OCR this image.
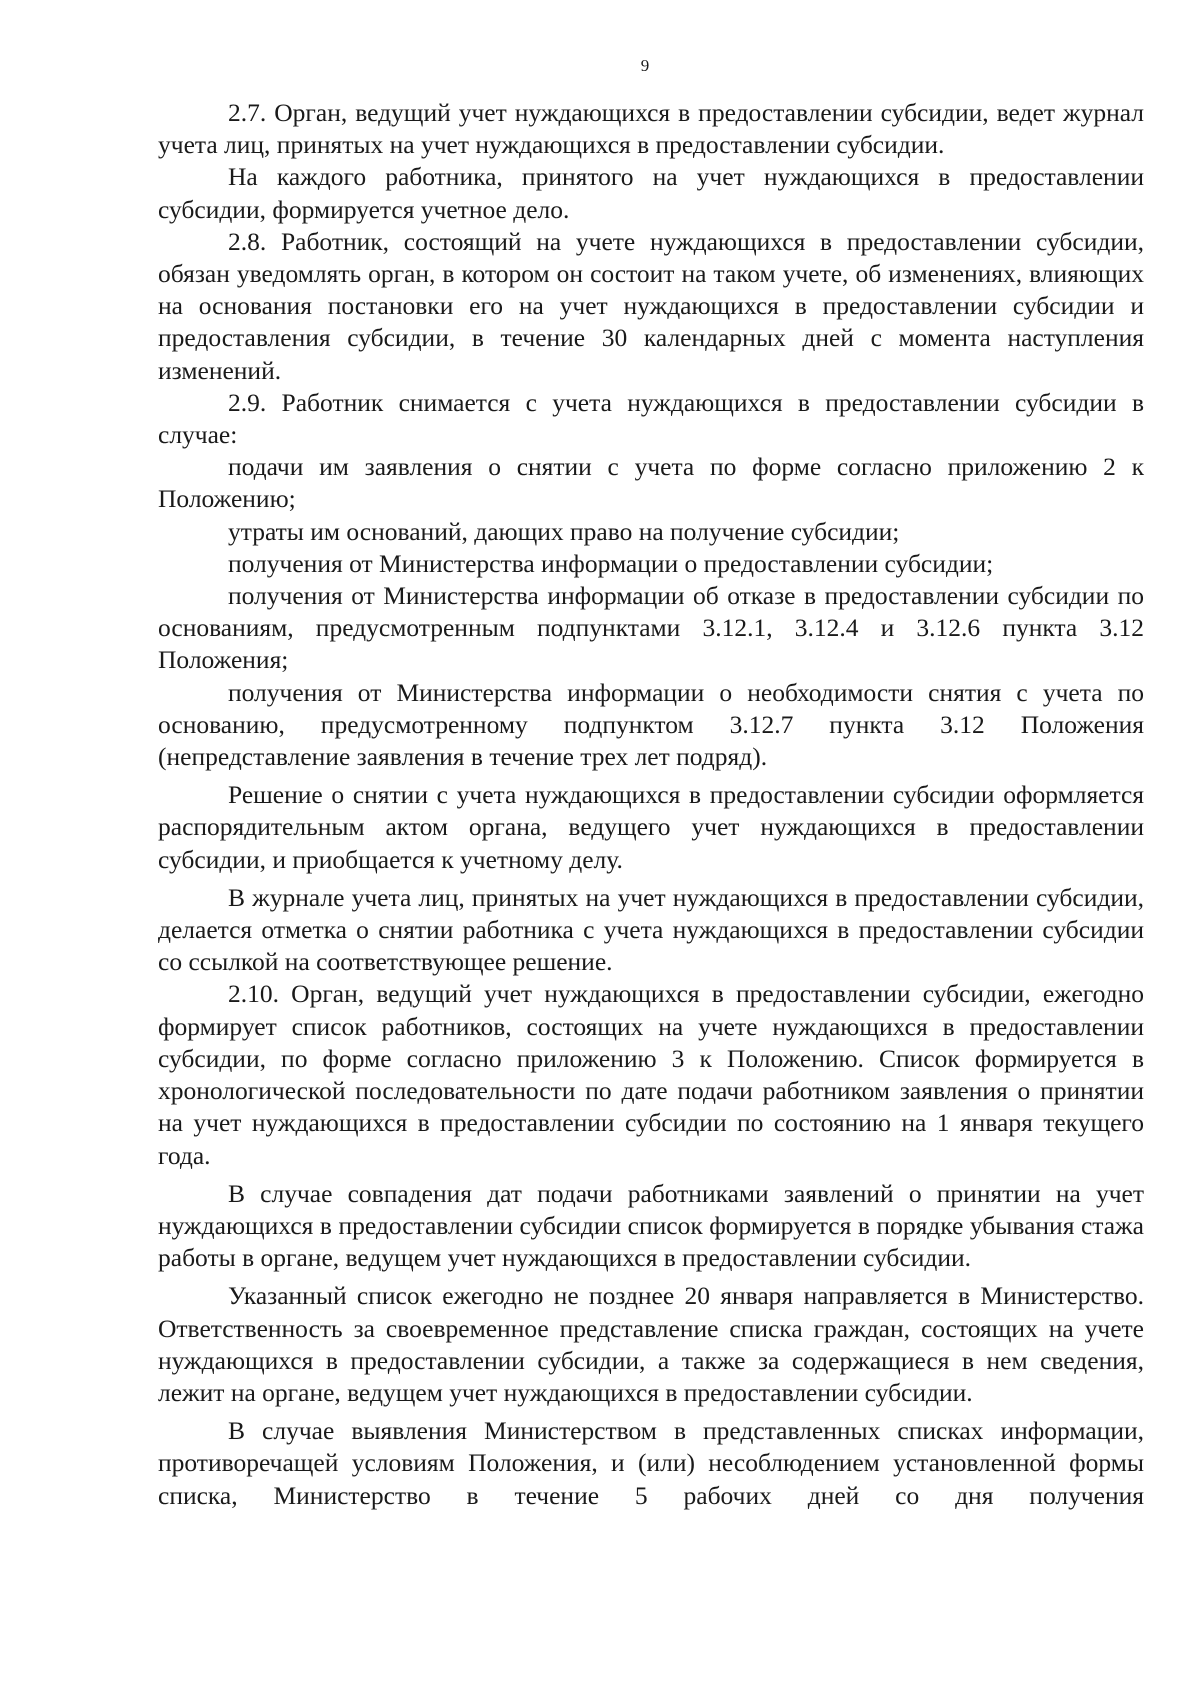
9

2.7. Орган, ведущий учет нуждающихся в предоставлении субсидии, ведет журнал учета лиц, принятых на учет нуждающихся в предоставлении субсидии.

На каждого работника, принятого на учет нуждающихся в предоставлении субсидии, формируется учетное дело.

2.8. Работник, состоящий на учете нуждающихся в предоставлении субсидии, обязан уведомлять орган, в котором он состоит на таком учете, об изменениях, влияющих на основания постановки его на учет нуждающихся в предоставлении субсидии и предоставления субсидии, в течение 30 календарных дней с момента наступления изменений.

2.9. Работник снимается с учета нуждающихся в предоставлении субсидии в случае:

подачи им заявления о снятии с учета по форме согласно приложению 2 к Положению;

утраты им оснований, дающих право на получение субсидии;

получения от Министерства информации о предоставлении субсидии;

получения от Министерства информации об отказе в предоставлении субсидии по основаниям, предусмотренным подпунктами 3.12.1, 3.12.4 и 3.12.6 пункта 3.12 Положения;

получения от Министерства информации о необходимости снятия с учета по основанию, предусмотренному подпунктом 3.12.7 пункта 3.12 Положения (непредставление заявления в течение трех лет подряд).

Решение о снятии с учета нуждающихся в предоставлении субсидии оформляется распорядительным актом органа, ведущего учет нуждающихся в предоставлении субсидии, и приобщается к учетному делу.

В журнале учета лиц, принятых на учет нуждающихся в предоставлении субсидии, делается отметка о снятии работника с учета нуждающихся в предоставлении субсидии со ссылкой на соответствующее решение.

2.10. Орган, ведущий учет нуждающихся в предоставлении субсидии, ежегодно формирует список работников, состоящих на учете нуждающихся в предоставлении субсидии, по форме согласно приложению 3 к Положению. Список формируется в хронологической последовательности по дате подачи работником заявления о принятии на учет нуждающихся в предоставлении субсидии по состоянию на 1 января текущего года.

В случае совпадения дат подачи работниками заявлений о принятии на учет нуждающихся в предоставлении субсидии список формируется в порядке убывания стажа работы в органе, ведущем учет нуждающихся в предоставлении субсидии.

Указанный список ежегодно не позднее 20 января направляется в Министерство. Ответственность за своевременное представление списка граждан, состоящих на учете нуждающихся в предоставлении субсидии, а также за содержащиеся в нем сведения, лежит на органе, ведущем учет нуждающихся в предоставлении субсидии.

В случае выявления Министерством в представленных списках информации, противоречащей условиям Положения, и (или) несоблюдением установленной формы списка, Министерство в течение 5 рабочих дней со дня получения
